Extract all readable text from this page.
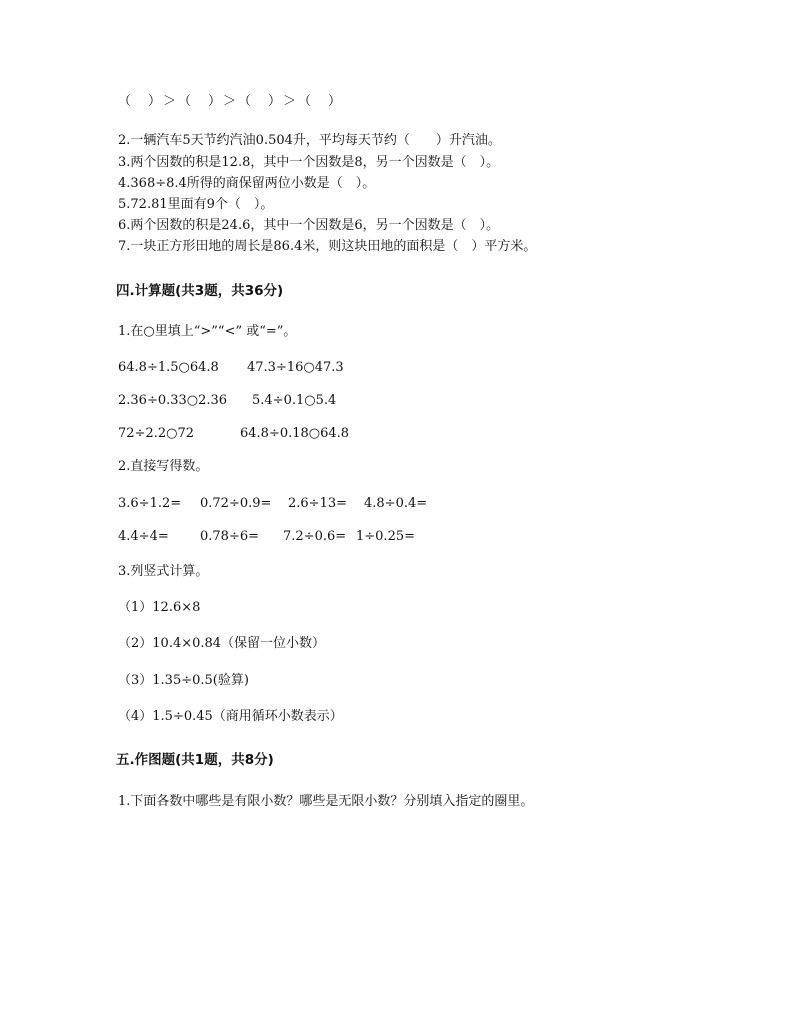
（　）＞（　）＞（　）＞（　）
2.一辆汽车5天节约汽油0.504升，平均每天节约（　　）升汽油。
3.两个因数的积是12.8，其中一个因数是8，另一个因数是（　）。
4.368÷8.4所得的商保留两位小数是（　）。
5.72.81里面有9个（　）。
6.两个因数的积是24.6，其中一个因数是6，另一个因数是（　）。
7.一块正方形田地的周长是86.4米，则这块田地的面积是（　）平方米。
四.计算题(共3题，共36分)
1.在○里填上“>”“<” 或“=”。
64.8÷1.5○64.8 47.3÷16○47.3
2.36÷0.33○2.36 5.4÷0.1○5.4
72÷2.2○72	64.8÷0.18○64.8
2.直接写得数。
3.6÷1.2= 0.72÷0.9= 2.6÷13= 4.8÷0.4=
4.4÷4= 0.78÷6= 7.2÷0.6= 1÷0.25=
3.列竖式计算。
（1）12.6×8
（2）10.4×0.84（保留一位小数）
（3）1.35÷0.5(验算)
（4）1.5÷0.45（商用循环小数表示）
五.作图题(共1题，共8分)
1.下面各数中哪些是有限小数？哪些是无限小数？分别填入指定的圈里。
